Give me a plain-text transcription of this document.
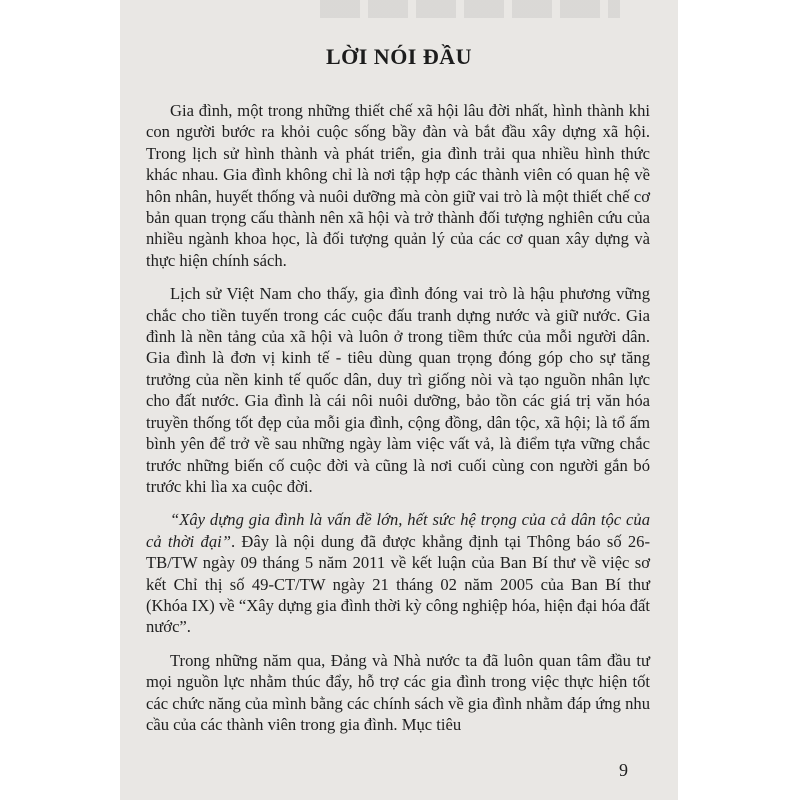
LỜI NÓI ĐẦU

Gia đình, một trong những thiết chế xã hội lâu đời nhất, hình thành khi con người bước ra khỏi cuộc sống bầy đàn và bắt đầu xây dựng xã hội. Trong lịch sử hình thành và phát triển, gia đình trải qua nhiều hình thức khác nhau. Gia đình không chỉ là nơi tập hợp các thành viên có quan hệ về hôn nhân, huyết thống và nuôi dưỡng mà còn giữ vai trò là một thiết chế cơ bản quan trọng cấu thành nên xã hội và trở thành đối tượng nghiên cứu của nhiều ngành khoa học, là đối tượng quản lý của các cơ quan xây dựng và thực hiện chính sách.

Lịch sử Việt Nam cho thấy, gia đình đóng vai trò là hậu phương vững chắc cho tiền tuyến trong các cuộc đấu tranh dựng nước và giữ nước. Gia đình là nền tảng của xã hội và luôn ở trong tiềm thức của mỗi người dân. Gia đình là đơn vị kinh tế - tiêu dùng quan trọng đóng góp cho sự tăng trưởng của nền kinh tế quốc dân, duy trì giống nòi và tạo nguồn nhân lực cho đất nước. Gia đình là cái nôi nuôi dưỡng, bảo tồn các giá trị văn hóa truyền thống tốt đẹp của mỗi gia đình, cộng đồng, dân tộc, xã hội; là tổ ấm bình yên để trở về sau những ngày làm việc vất vả, là điểm tựa vững chắc trước những biến cố cuộc đời và cũng là nơi cuối cùng con người gắn bó trước khi lìa xa cuộc đời.

“Xây dựng gia đình là vấn đề lớn, hết sức hệ trọng của cả dân tộc của cả thời đại”. Đây là nội dung đã được khẳng định tại Thông báo số 26-TB/TW ngày 09 tháng 5 năm 2011 về kết luận của Ban Bí thư về việc sơ kết Chỉ thị số 49-CT/TW ngày 21 tháng 02 năm 2005 của Ban Bí thư (Khóa IX) về “Xây dựng gia đình thời kỳ công nghiệp hóa, hiện đại hóa đất nước”.

Trong những năm qua, Đảng và Nhà nước ta đã luôn quan tâm đầu tư mọi nguồn lực nhằm thúc đẩy, hỗ trợ các gia đình trong việc thực hiện tốt các chức năng của mình bằng các chính sách về gia đình nhằm đáp ứng nhu cầu của các thành viên trong gia đình. Mục tiêu

9
